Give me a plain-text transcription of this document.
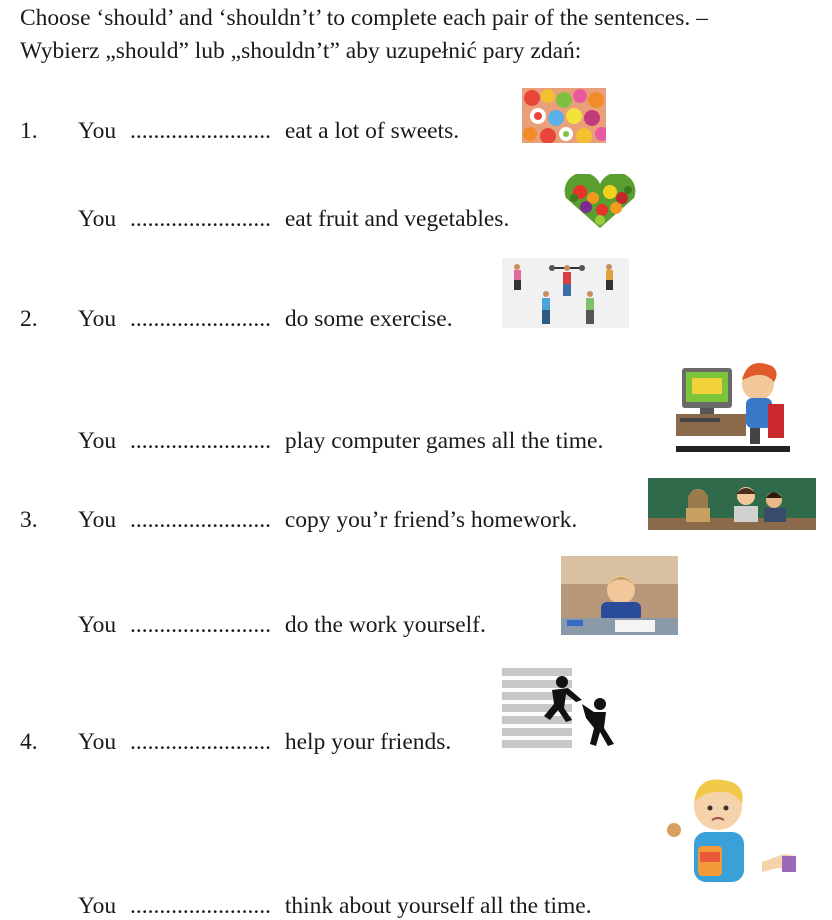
Choose ‘should’ and ‘shouldn’t’ to complete each pair of the sentences. –
Wybierz „should” lub „shouldn’t” aby uzupełnić pary zdań:
1. You ........................ eat a lot of sweets.
You ........................ eat fruit and vegetables.
2. You ........................ do some exercise.
You ........................ play computer games all the time.
3. You ........................ copy you’r friend’s homework.
You ........................ do the work yourself.
4. You ........................ help your friends.
You ........................ think about yourself all the time.
